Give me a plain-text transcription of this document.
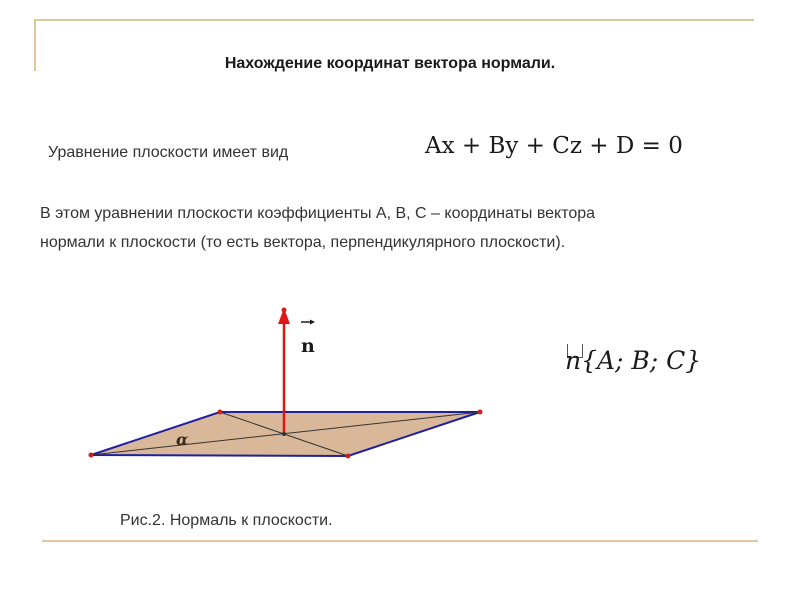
Нахождение координат вектора нормали.
Уравнение плоскости имеет вид	Ax + By + Cz + D = 0

В этом уравнении плоскости коэффициенты А, В, С – координаты вектора

нормали к плоскости (то есть вектора, перпендикулярного плоскости).

n
α
n{A; B; C}
Рис.2. Нормаль к плоскости.
